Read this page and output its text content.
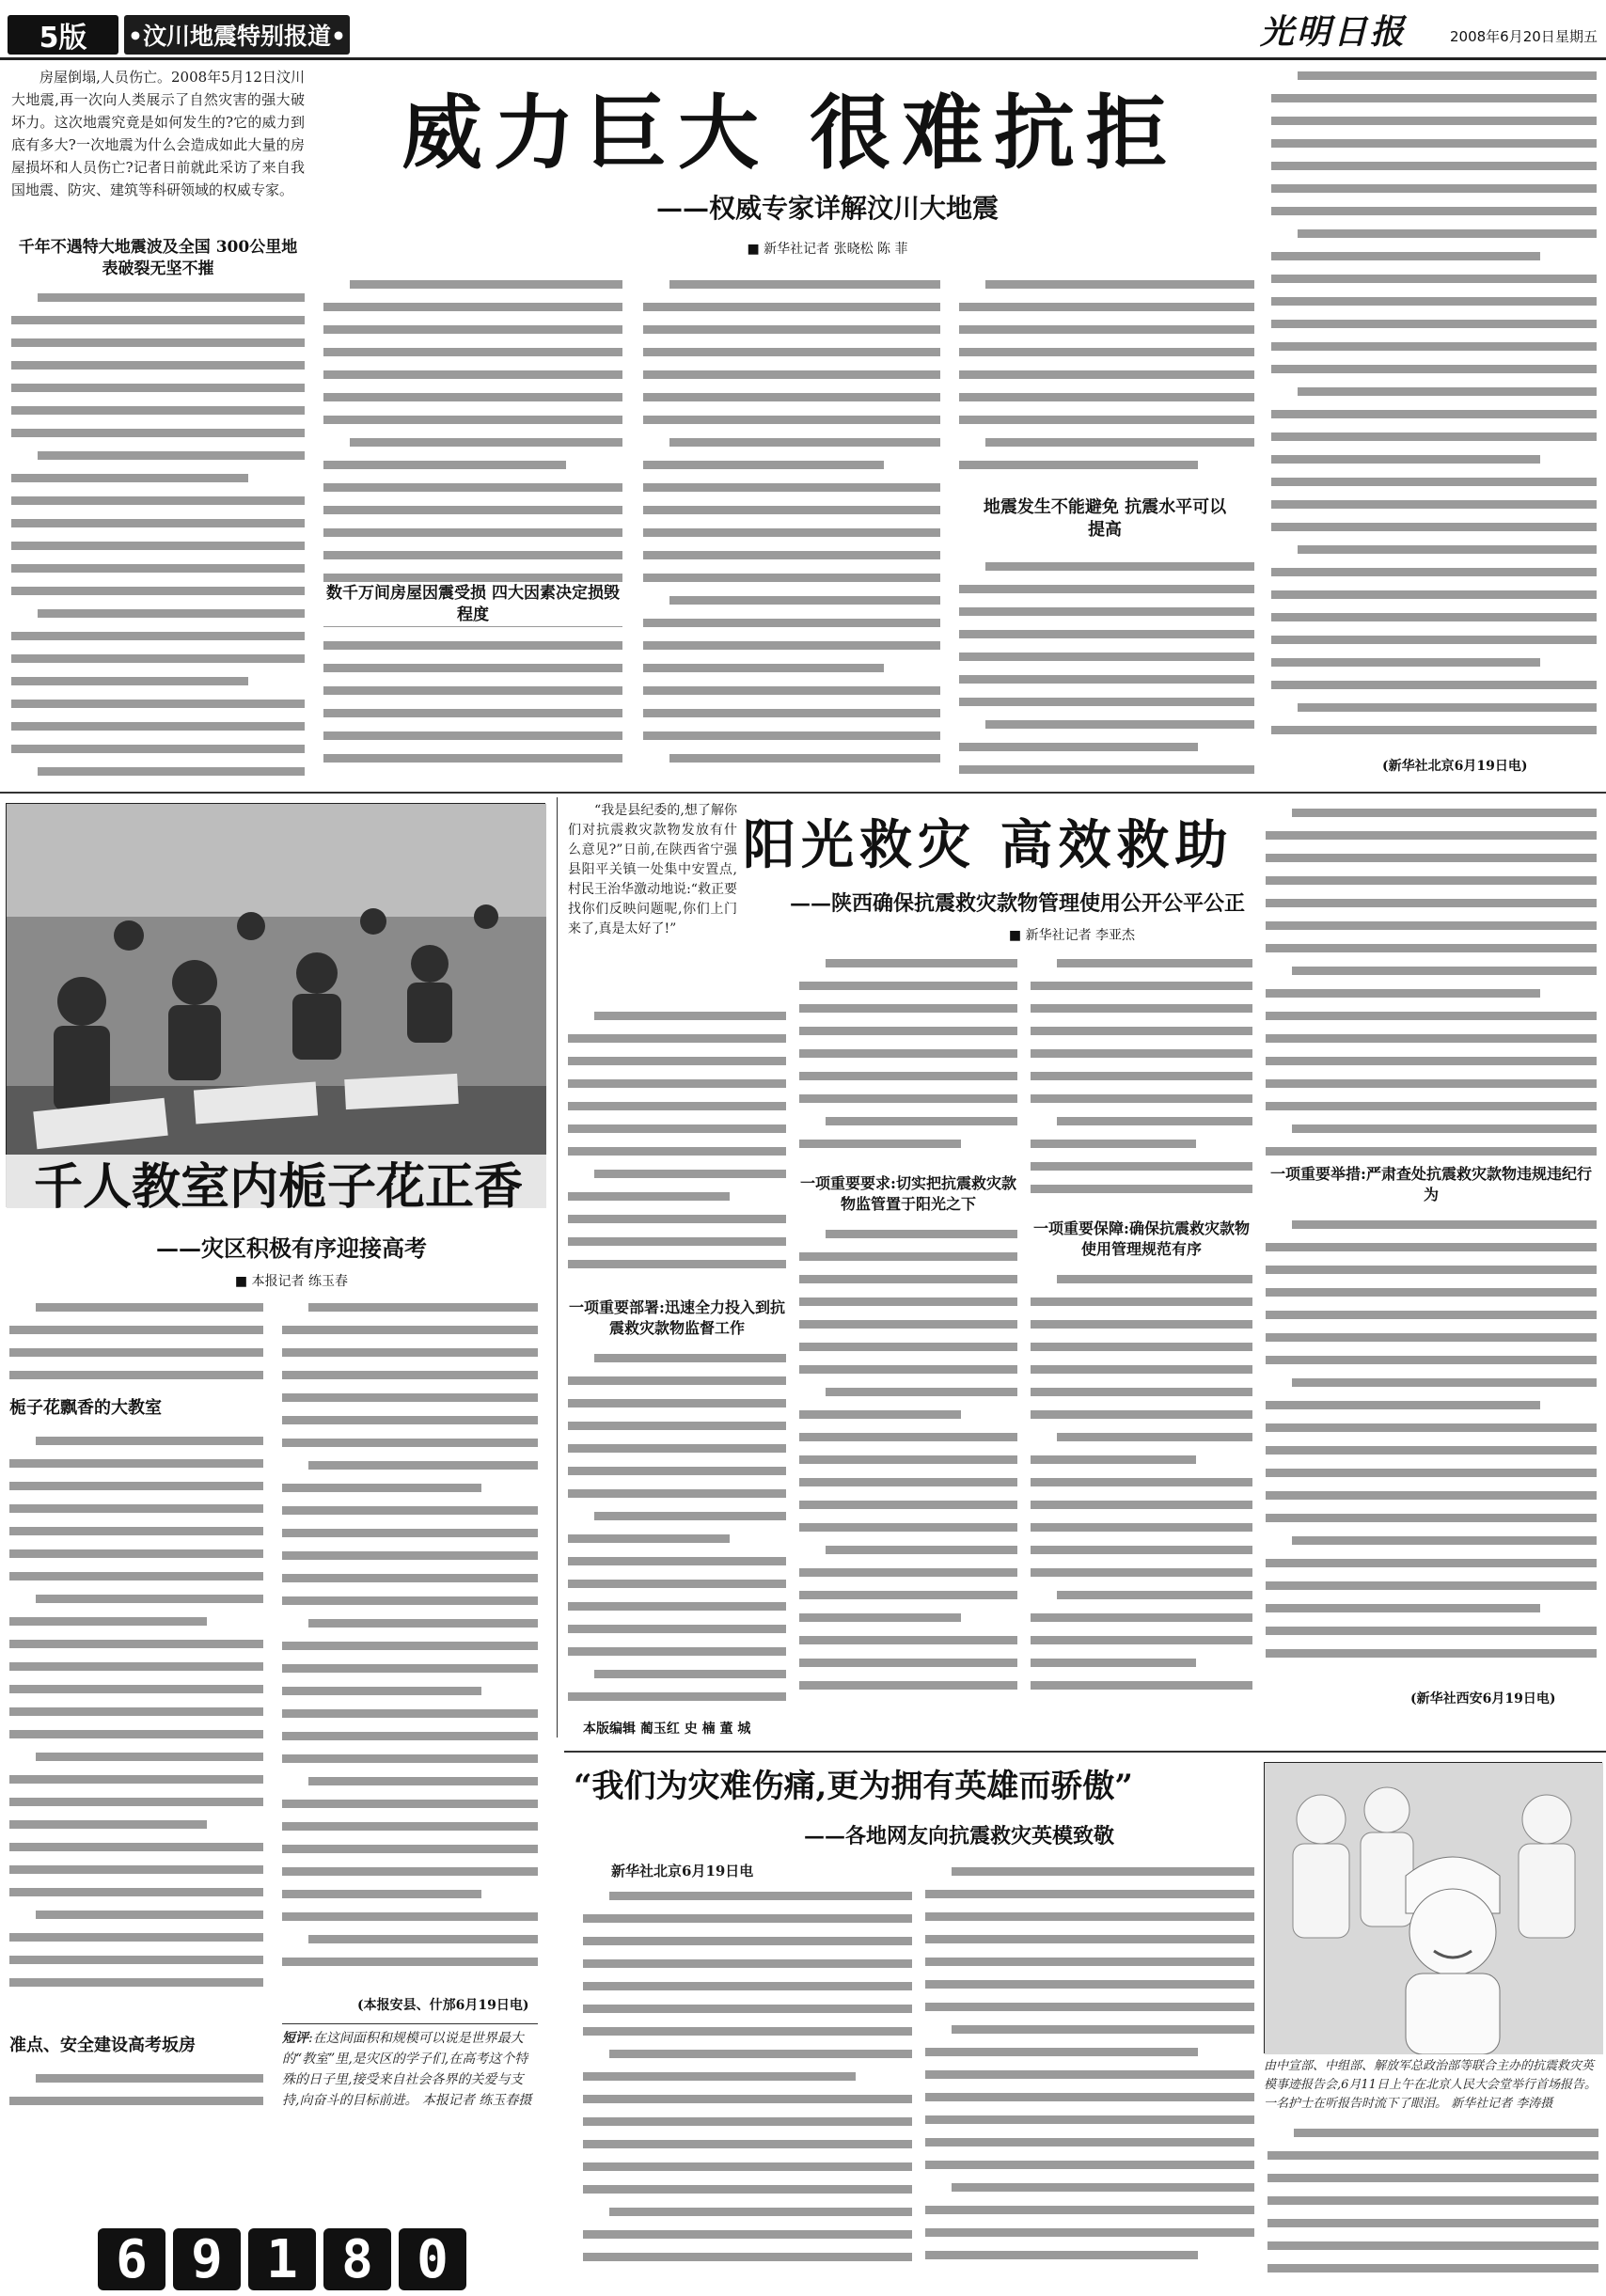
5版	•汶川地震特别报道•	光明日报	2008年6月20日 星期五
威力巨大 很难抗拒
——权威专家详解汶川大地震
■ 新华社记者 张晓松 陈 菲

房屋倒塌,人员伤亡。2008年5月12日汶川大地震,再一次向人类展示了自然灾害的强大破坏力。这次地震究竟是如何发生的?它的威力到底有多大?一次地震为什么会造成如此大量的房屋损坏和人员伤亡?记者日前就此采访了来自我国地震、防灾、建筑等科研领域的权威专家。

千年不遇特大地震波及全国 300公里地表破裂无坚不摧
数千万间房屋因震受损 四大因素决定损毁程度
地震发生不能避免 抗震水平可以提高
(新华社北京6月19日电)
千人教室内栀子花正香
——灾区积极有序迎接高考
■ 本报记者 练玉春
栀子花飘香的大教室
准点、安全建设高考坂房
(本报安县、什邡6月19日电)
短评:在这间面积和规模可以说是世界最大的“教室”里,是灾区的学子们,在高考这个特殊的日子里,接受来自社会各界的关爱与支持,向奋斗的目标前进。 本报记者 练玉春摄

“我是县纪委的,想了解你们对抗震救灾款物发放有什么意见?”日前,在陕西省宁强县阳平关镇一处集中安置点,村民王治华激动地说:“救正要找你们反映问题呢,你们上门来了,真是太好了!”

阳光救灾 高效救助
——陕西确保抗震救灾款物管理使用公开公平公正
■ 新华社记者 李亚杰
一项重要部署:迅速全力投入到抗震救灾款物监督工作
一项重要要求:切实把抗震救灾款物监管置于阳光之下
一项重要保障:确保抗震救灾款物使用管理规范有序
一项重要举措:严肃查处抗震救灾款物违规违纪行为
(新华社西安6月19日电)
本版编辑 蔺玉红 史 楠 董 城
“我们为灾难伤痛,更为拥有英雄而骄傲”
——各地网友向抗震救灾英模致敬

新华社北京6月19日电

由中宣部、中组部、解放军总政治部等联合主办的抗震救灾英模事迹报告会,6月11日上午在北京人民大会堂举行首场报告。一名护士在听报告时流下了眼泪。 新华社记者 李涛摄
6 9 1 8 0
